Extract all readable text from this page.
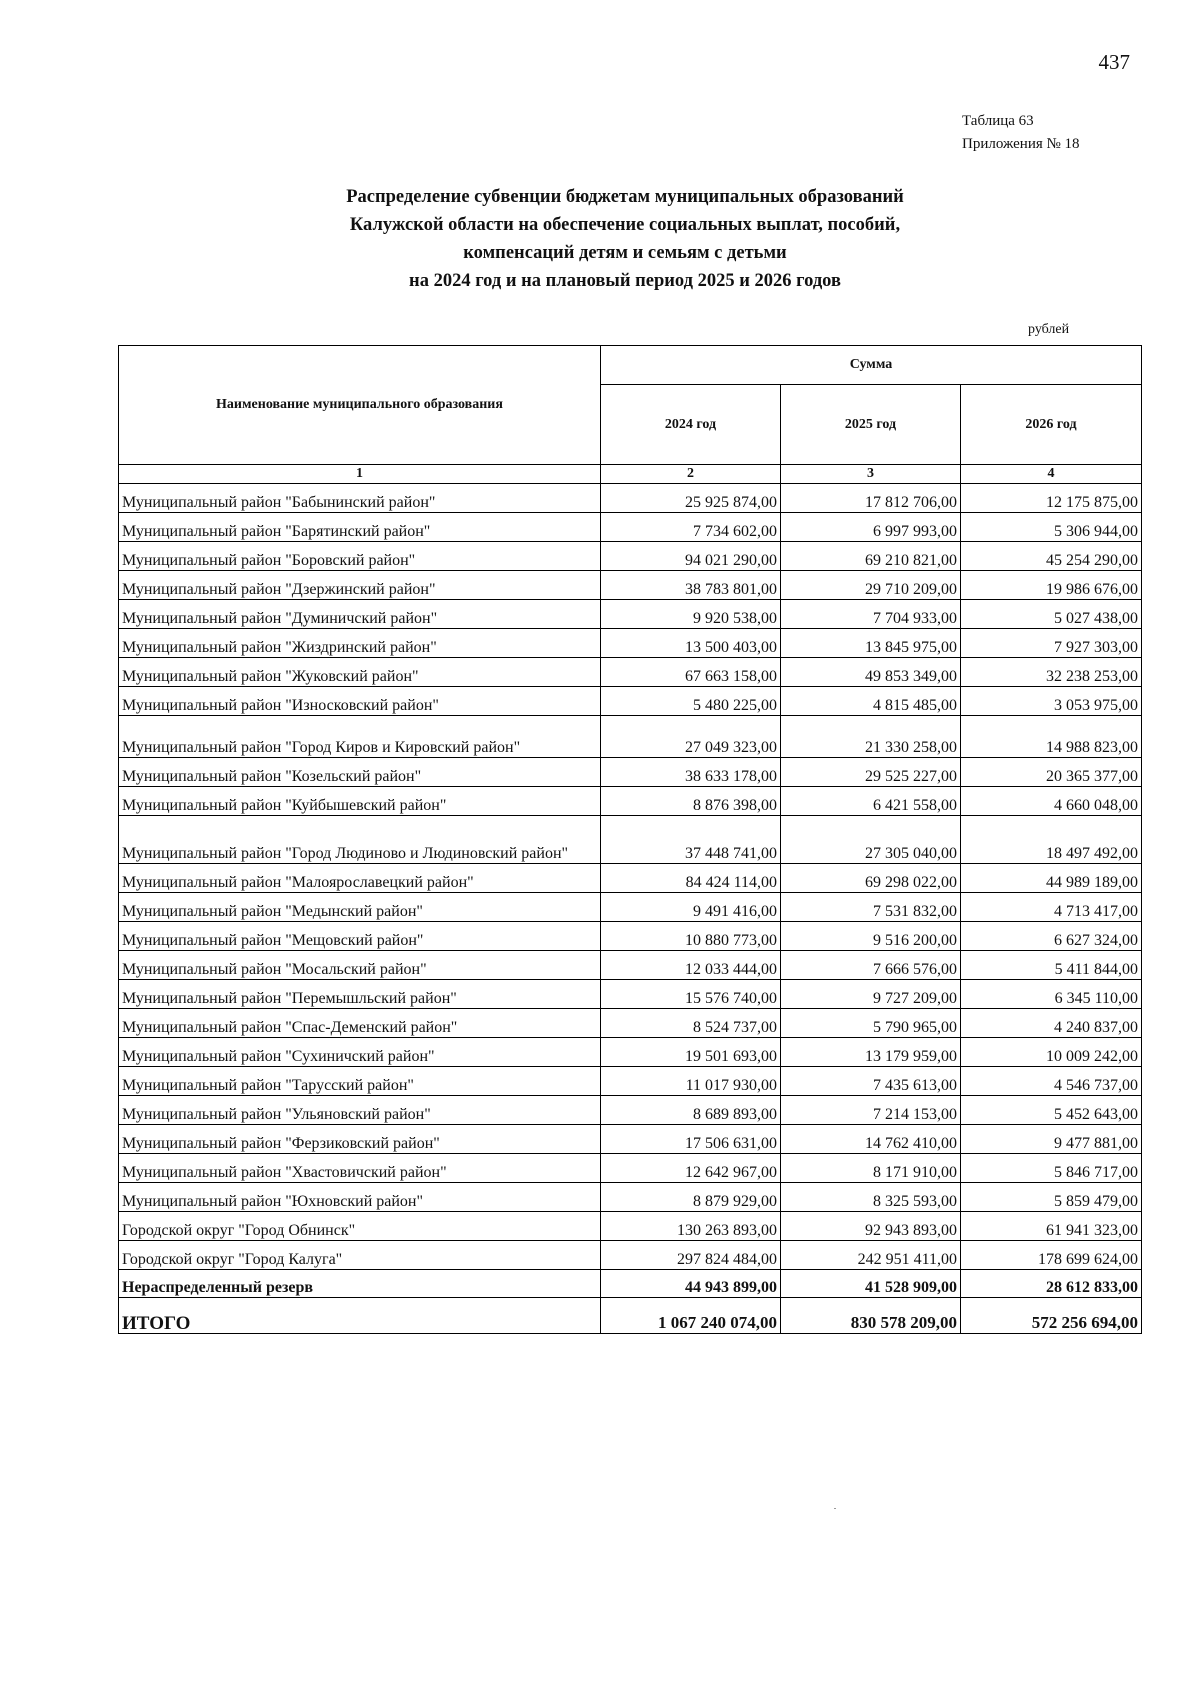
437
Таблица 63
Приложения № 18
Распределение субвенции бюджетам муниципальных образований
Калужской области на обеспечение социальных выплат, пособий,
компенсаций детям и семьям с детьми
на 2024 год и на плановый период 2025 и 2026 годов
рублей
Наименование муниципального образования	Сумма		
	2024 год	2025 год	2026 год
1	2	3	4
Муниципальный район "Бабынинский район"	25 925 874,00	17 812 706,00	12 175 875,00
Муниципальный район "Барятинский район"	7 734 602,00	6 997 993,00	5 306 944,00
Муниципальный район "Боровский район"	94 021 290,00	69 210 821,00	45 254 290,00
Муниципальный район "Дзержинский район"	38 783 801,00	29 710 209,00	19 986 676,00
Муниципальный район "Думиничский район"	9 920 538,00	7 704 933,00	5 027 438,00
Муниципальный район "Жиздринский район"	13 500 403,00	13 845 975,00	7 927 303,00
Муниципальный район "Жуковский район"	67 663 158,00	49 853 349,00	32 238 253,00
Муниципальный район "Износковский район"	5 480 225,00	4 815 485,00	3 053 975,00
Муниципальный район "Город Киров и Кировский район"	27 049 323,00	21 330 258,00	14 988 823,00
Муниципальный район "Козельский район"	38 633 178,00	29 525 227,00	20 365 377,00
Муниципальный район "Куйбышевский район"	8 876 398,00	6 421 558,00	4 660 048,00
Муниципальный район "Город Людиново и Людиновский район"	37 448 741,00	27 305 040,00	18 497 492,00
Муниципальный район "Малоярославецкий район"	84 424 114,00	69 298 022,00	44 989 189,00
Муниципальный район "Медынский район"	9 491 416,00	7 531 832,00	4 713 417,00
Муниципальный район "Мещовский район"	10 880 773,00	9 516 200,00	6 627 324,00
Муниципальный район "Мосальский район"	12 033 444,00	7 666 576,00	5 411 844,00
Муниципальный район "Перемышльский район"	15 576 740,00	9 727 209,00	6 345 110,00
Муниципальный район "Спас-Деменский район"	8 524 737,00	5 790 965,00	4 240 837,00
Муниципальный район "Сухиничский район"	19 501 693,00	13 179 959,00	10 009 242,00
Муниципальный район "Тарусский район"	11 017 930,00	7 435 613,00	4 546 737,00
Муниципальный район "Ульяновский район"	8 689 893,00	7 214 153,00	5 452 643,00
Муниципальный район "Ферзиковский район"	17 506 631,00	14 762 410,00	9 477 881,00
Муниципальный район "Хвастовичский район"	12 642 967,00	8 171 910,00	5 846 717,00
Муниципальный район "Юхновский район"	8 879 929,00	8 325 593,00	5 859 479,00
Городской округ "Город Обнинск"	130 263 893,00	92 943 893,00	61 941 323,00
Городской округ "Город Калуга"	297 824 484,00	242 951 411,00	178 699 624,00
Нераспределенный резерв	44 943 899,00	41 528 909,00	28 612 833,00
ИТОГО	1 067 240 074,00	830 578 209,00	572 256 694,00
